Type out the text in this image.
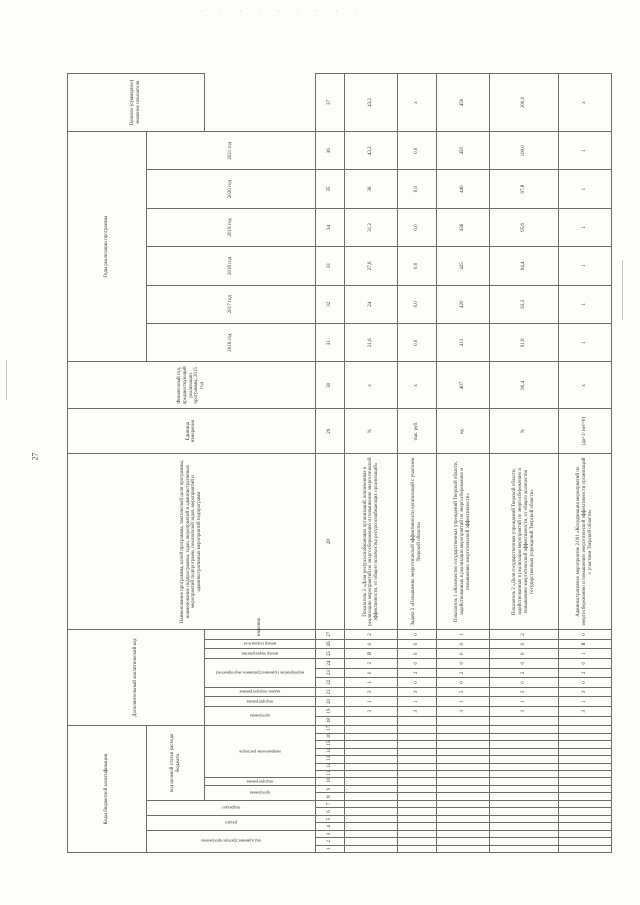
· · · · · · · · ·
27
Коды бюджетной классификации																	Дополнительный аналитический код										Наименование программы, целей программы, тактической цели программы, наименование подпрограммы, задач, мероприятий и административных мероприятий подпрограмм, показателей задач, мероприятий и административных мероприятий подпрограмм	Единица измерения	Финансовый год, предшествующий реализации программы, 2015 год	Годы реализации программы						Целевое (суммарное) значение показателя

код администратора программы			раздел		подраздел		код целевой статьи расхода бюджета																							2016 год	2017 год	2018 год	2019 год	2020 год	2021 год	

							программа		подпрограмма	направление расходов							программа		подпрограмма	задача подпрограммы	мероприятие (административное мероприятие)			номер мероприятия	номер показателя	значение										

1	2	3	4	5	6	7	8	9	10	11	12	13	14	15	16	17	18	19	20	21	22	23	24	25	26	27	28	29	30	31	32	33	34	35	36	37
																		3	1	3	1	0	2	Я	0	2	Показатель 2 «Доля ресурсоснабжающих организаций, вовлеченных в реализацию мероприятий по энергосбережению и повышению энергетической эффективности, от общего количества ресурсоснабжающих организаций»	%	х	21,6	24	27,6	31,2	36	43,2	43,2
																		3	1	3	0	2	0	0	0	0	Задача 2 «Повышение энергетической эффективности организаций с участием Тверской области»	тыс. руб.	х	0,0	0,0	0,0	0,0	0,0	0,0	х
																		3	1	3	0	2	0	0	0	1	Показатель 1 «Количество государственных учреждений Тверской области, задействованных в реализации мероприятий по энергосбережению и повышению энергетической эффективности»	ед.	407	413	420	425	436	440	450	450
																		3	1	3	0	2	0	0	0	2	Показатель 2 «Доля государственных учреждений Тверской области, задействованных в реализации мероприятий по энергосбережению и повышению энергетической эффективности, от общего количества государственных учреждений Тверской области»	%	90,4	91,8	93,3	94,4	95,6	97,8	100,0	100,0
																		3	1	3	0	2	0	1	Я	0	Административное мероприятие 2.001 «Координация мероприятий по энергосбережению и повышению энергетической эффективности организаций с участием Тверской области»	(да=1/ нет=0)	х	1	1	1	1	1	1	х
